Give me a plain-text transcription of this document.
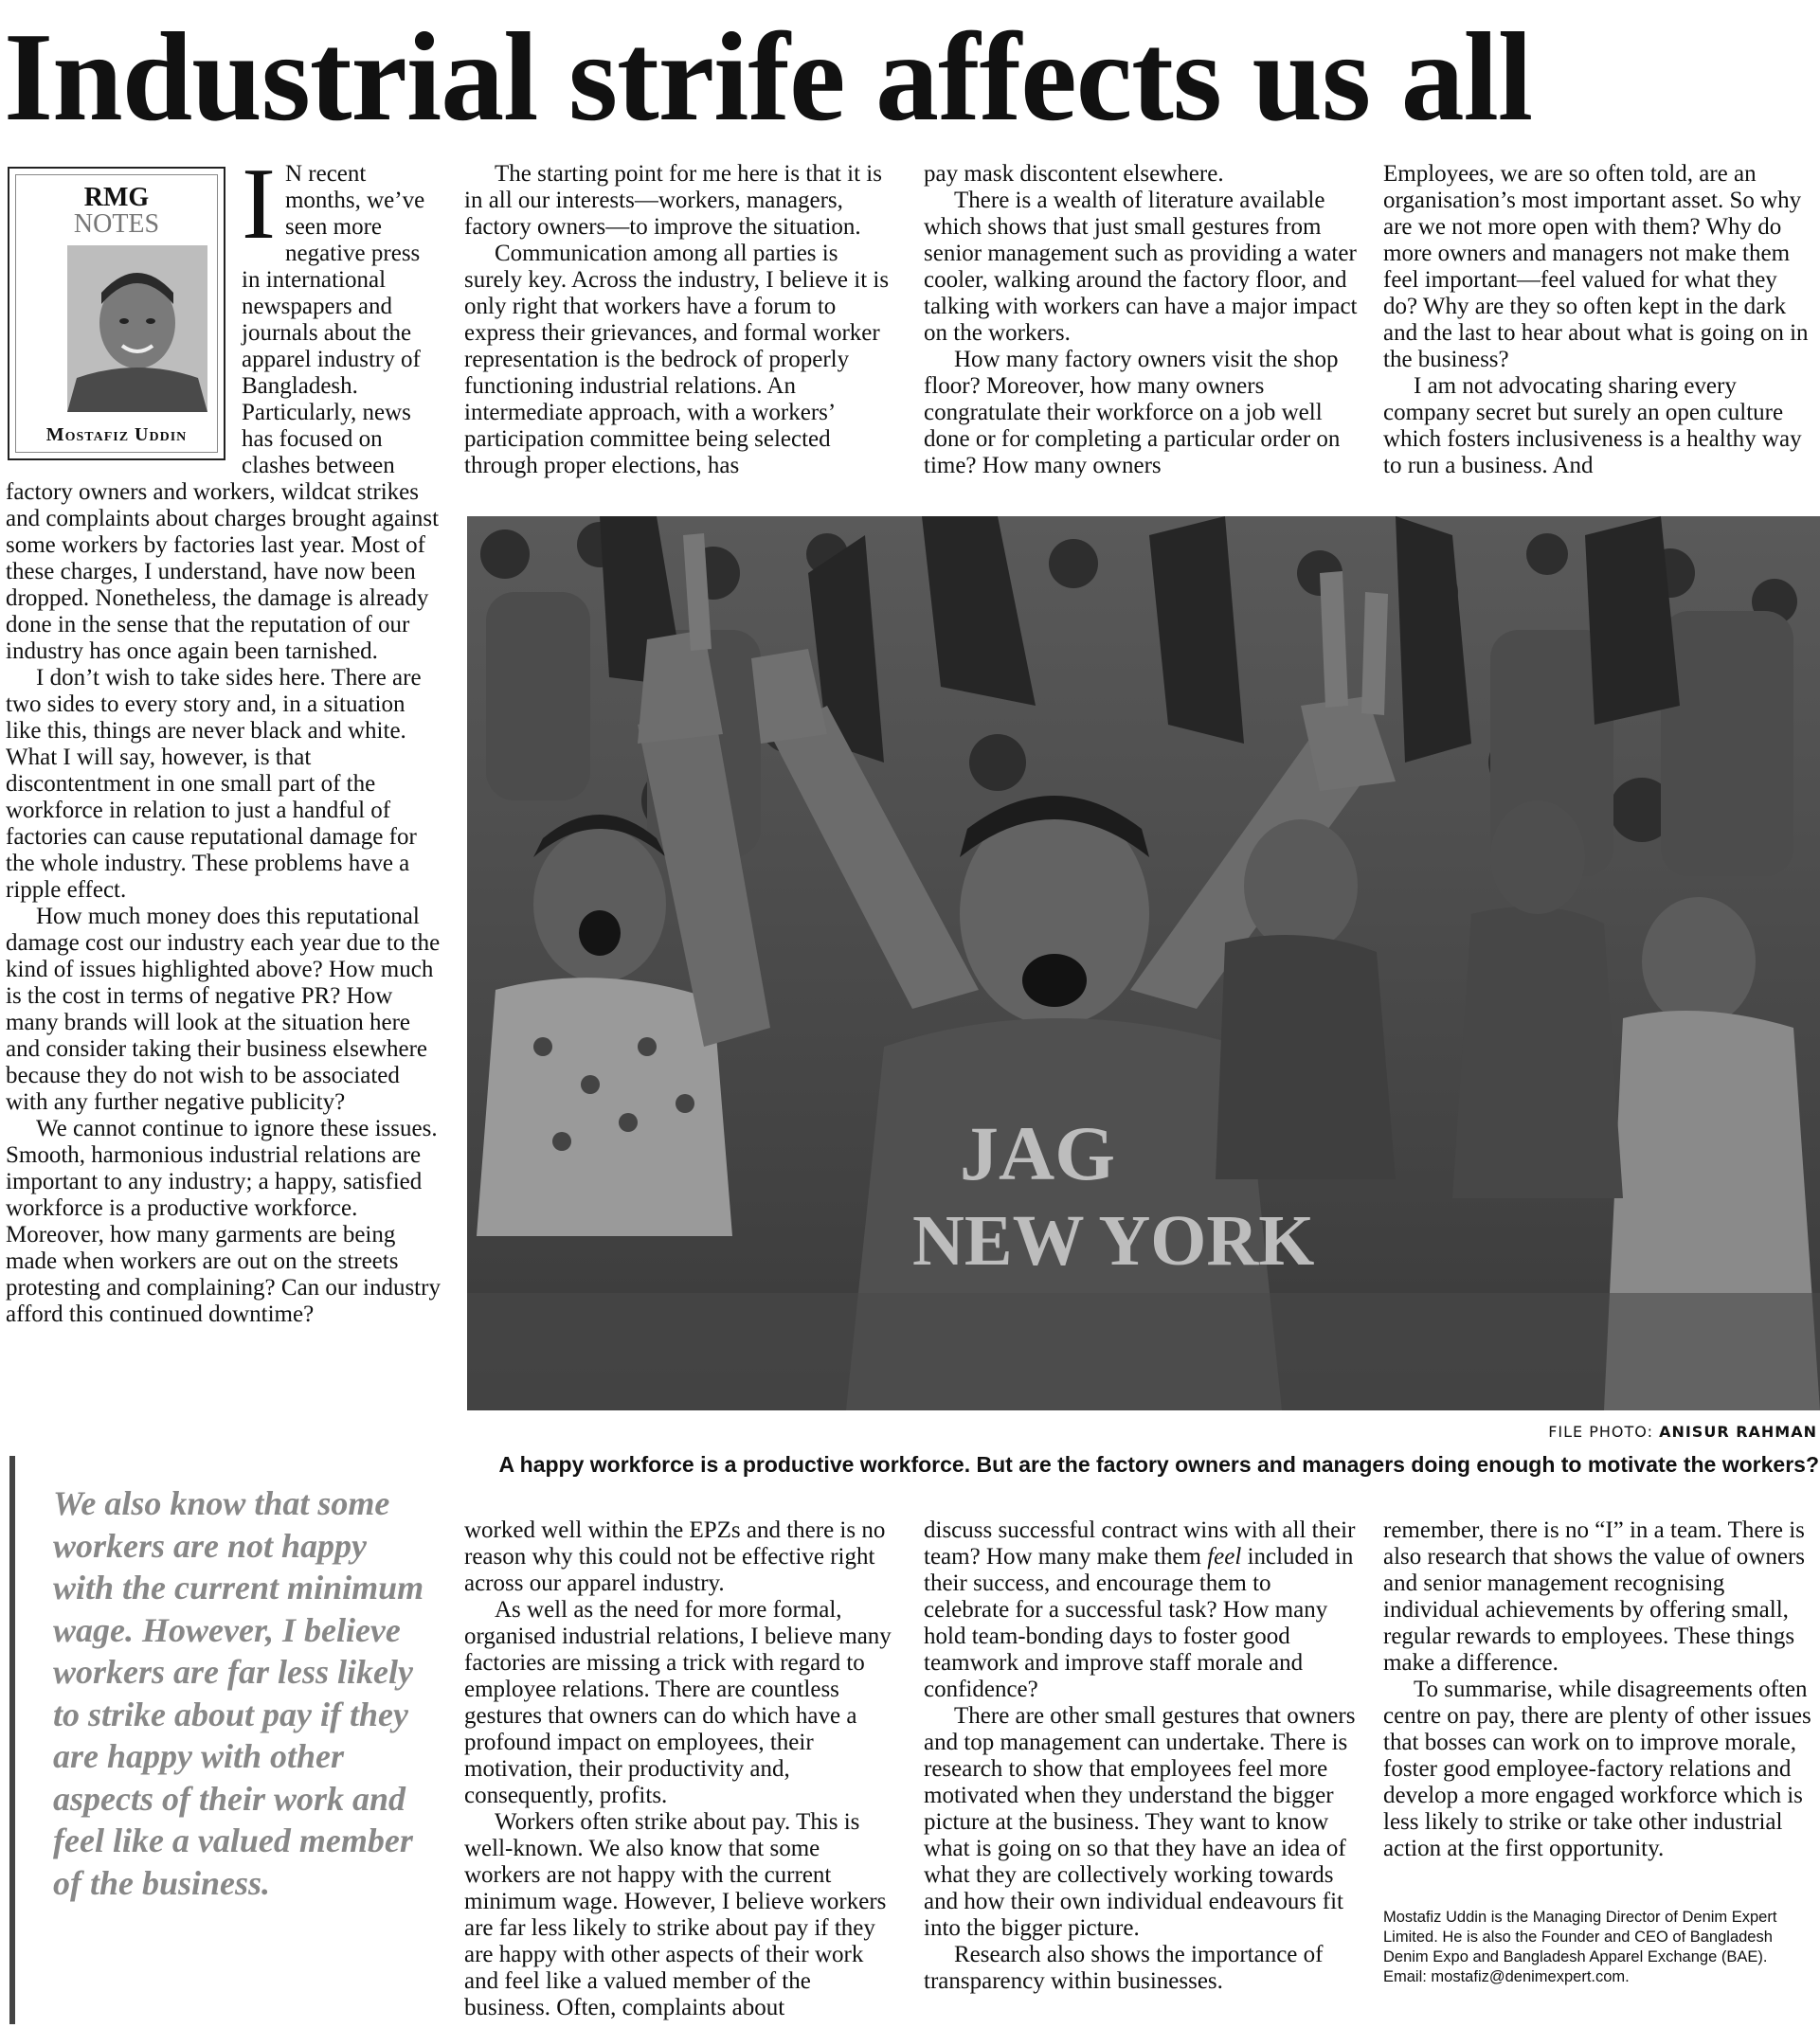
Industrial strife affects us all
RMG
NOTES
Mostafiz Uddin

I N recent months, we’ve seen more negative press in international newspapers and journals about the apparel industry of Bangladesh. Particularly, news has focused on clashes between

factory owners and workers, wildcat strikes and complaints about charges brought against some workers by factories last year. Most of these charges, I understand, have now been dropped. Nonetheless, the damage is already done in the sense that the reputation of our industry has once again been tarnished.

I don’t wish to take sides here. There are two sides to every story and, in a situation like this, things are never black and white. What I will say, however, is that discontentment in one small part of the workforce in relation to just a handful of factories can cause reputational damage for the whole industry. These problems have a ripple effect.

How much money does this reputational damage cost our industry each year due to the kind of issues highlighted above? How much is the cost in terms of negative PR? How many brands will look at the situation here and consider taking their business elsewhere because they do not wish to be associated with any further negative publicity?

We cannot continue to ignore these issues. Smooth, harmonious industrial relations are important to any industry; a happy, satisfied workforce is a productive workforce. Moreover, how many garments are being made when workers are out on the streets protesting and complaining? Can our industry afford this continued downtime?

The starting point for me here is that it is in all our interests—workers, managers, factory owners—to improve the situation.

Communication among all parties is surely key. Across the industry, I believe it is only right that workers have a forum to express their grievances, and formal worker representation is the bedrock of properly functioning industrial relations. An intermediate approach, with a workers’ participation committee being selected through proper elections, has

pay mask discontent elsewhere.

There is a wealth of literature available which shows that just small gestures from senior management such as providing a water cooler, walking around the factory floor, and talking with workers can have a major impact on the workers.

How many factory owners visit the shop floor? Moreover, how many owners congratulate their workforce on a job well done or for completing a particular order on time? How many owners

Employees, we are so often told, are an organisation’s most important asset. So why are we not more open with them? Why do more owners and managers not make them feel important—feel valued for what they do? Why are they so often kept in the dark and the last to hear about what is going on in the business?

I am not advocating sharing every company secret but surely an open culture which fosters inclusiveness is a healthy way to run a business. And

JAG
NEW YORK
FILE PHOTO: ANISUR RAHMAN
A happy workforce is a productive workforce. But are the factory owners and managers doing enough to motivate the workers?

We also know that some workers are not happy with the current minimum wage. However, I believe workers are far less likely to strike about pay if they are happy with other aspects of their work and feel like a valued member of the business.

worked well within the EPZs and there is no reason why this could not be effective right across our apparel industry.

As well as the need for more formal, organised industrial relations, I believe many factories are missing a trick with regard to employee relations. There are countless gestures that owners can do which have a profound impact on employees, their motivation, their productivity and, consequently, profits.

Workers often strike about pay. This is well-known. We also know that some workers are not happy with the current minimum wage. However, I believe workers are far less likely to strike about pay if they are happy with other aspects of their work and feel like a valued member of the business. Often, complaints about

discuss successful contract wins with all their team? How many make them feel included in their success, and encourage them to celebrate for a successful task? How many hold team-bonding days to foster good teamwork and improve staff morale and confidence?

There are other small gestures that owners and top management can undertake. There is research to show that employees feel more motivated when they understand the bigger picture at the business. They want to know what is going on so that they have an idea of what they are collectively working towards and how their own individual endeavours fit into the bigger picture.

Research also shows the importance of transparency within businesses.

remember, there is no “I” in a team. There is also research that shows the value of owners and senior management recognising individual achievements by offering small, regular rewards to employees. These things make a difference.

To summarise, while disagreements often centre on pay, there are plenty of other issues that bosses can work on to improve morale, foster good employee-factory relations and develop a more engaged workforce which is less likely to strike or take other industrial action at the first opportunity.

Mostafiz Uddin is the Managing Director of Denim Expert Limited. He is also the Founder and CEO of Bangladesh Denim Expo and Bangladesh Apparel Exchange (BAE). Email: mostafiz@denimexpert.com.
